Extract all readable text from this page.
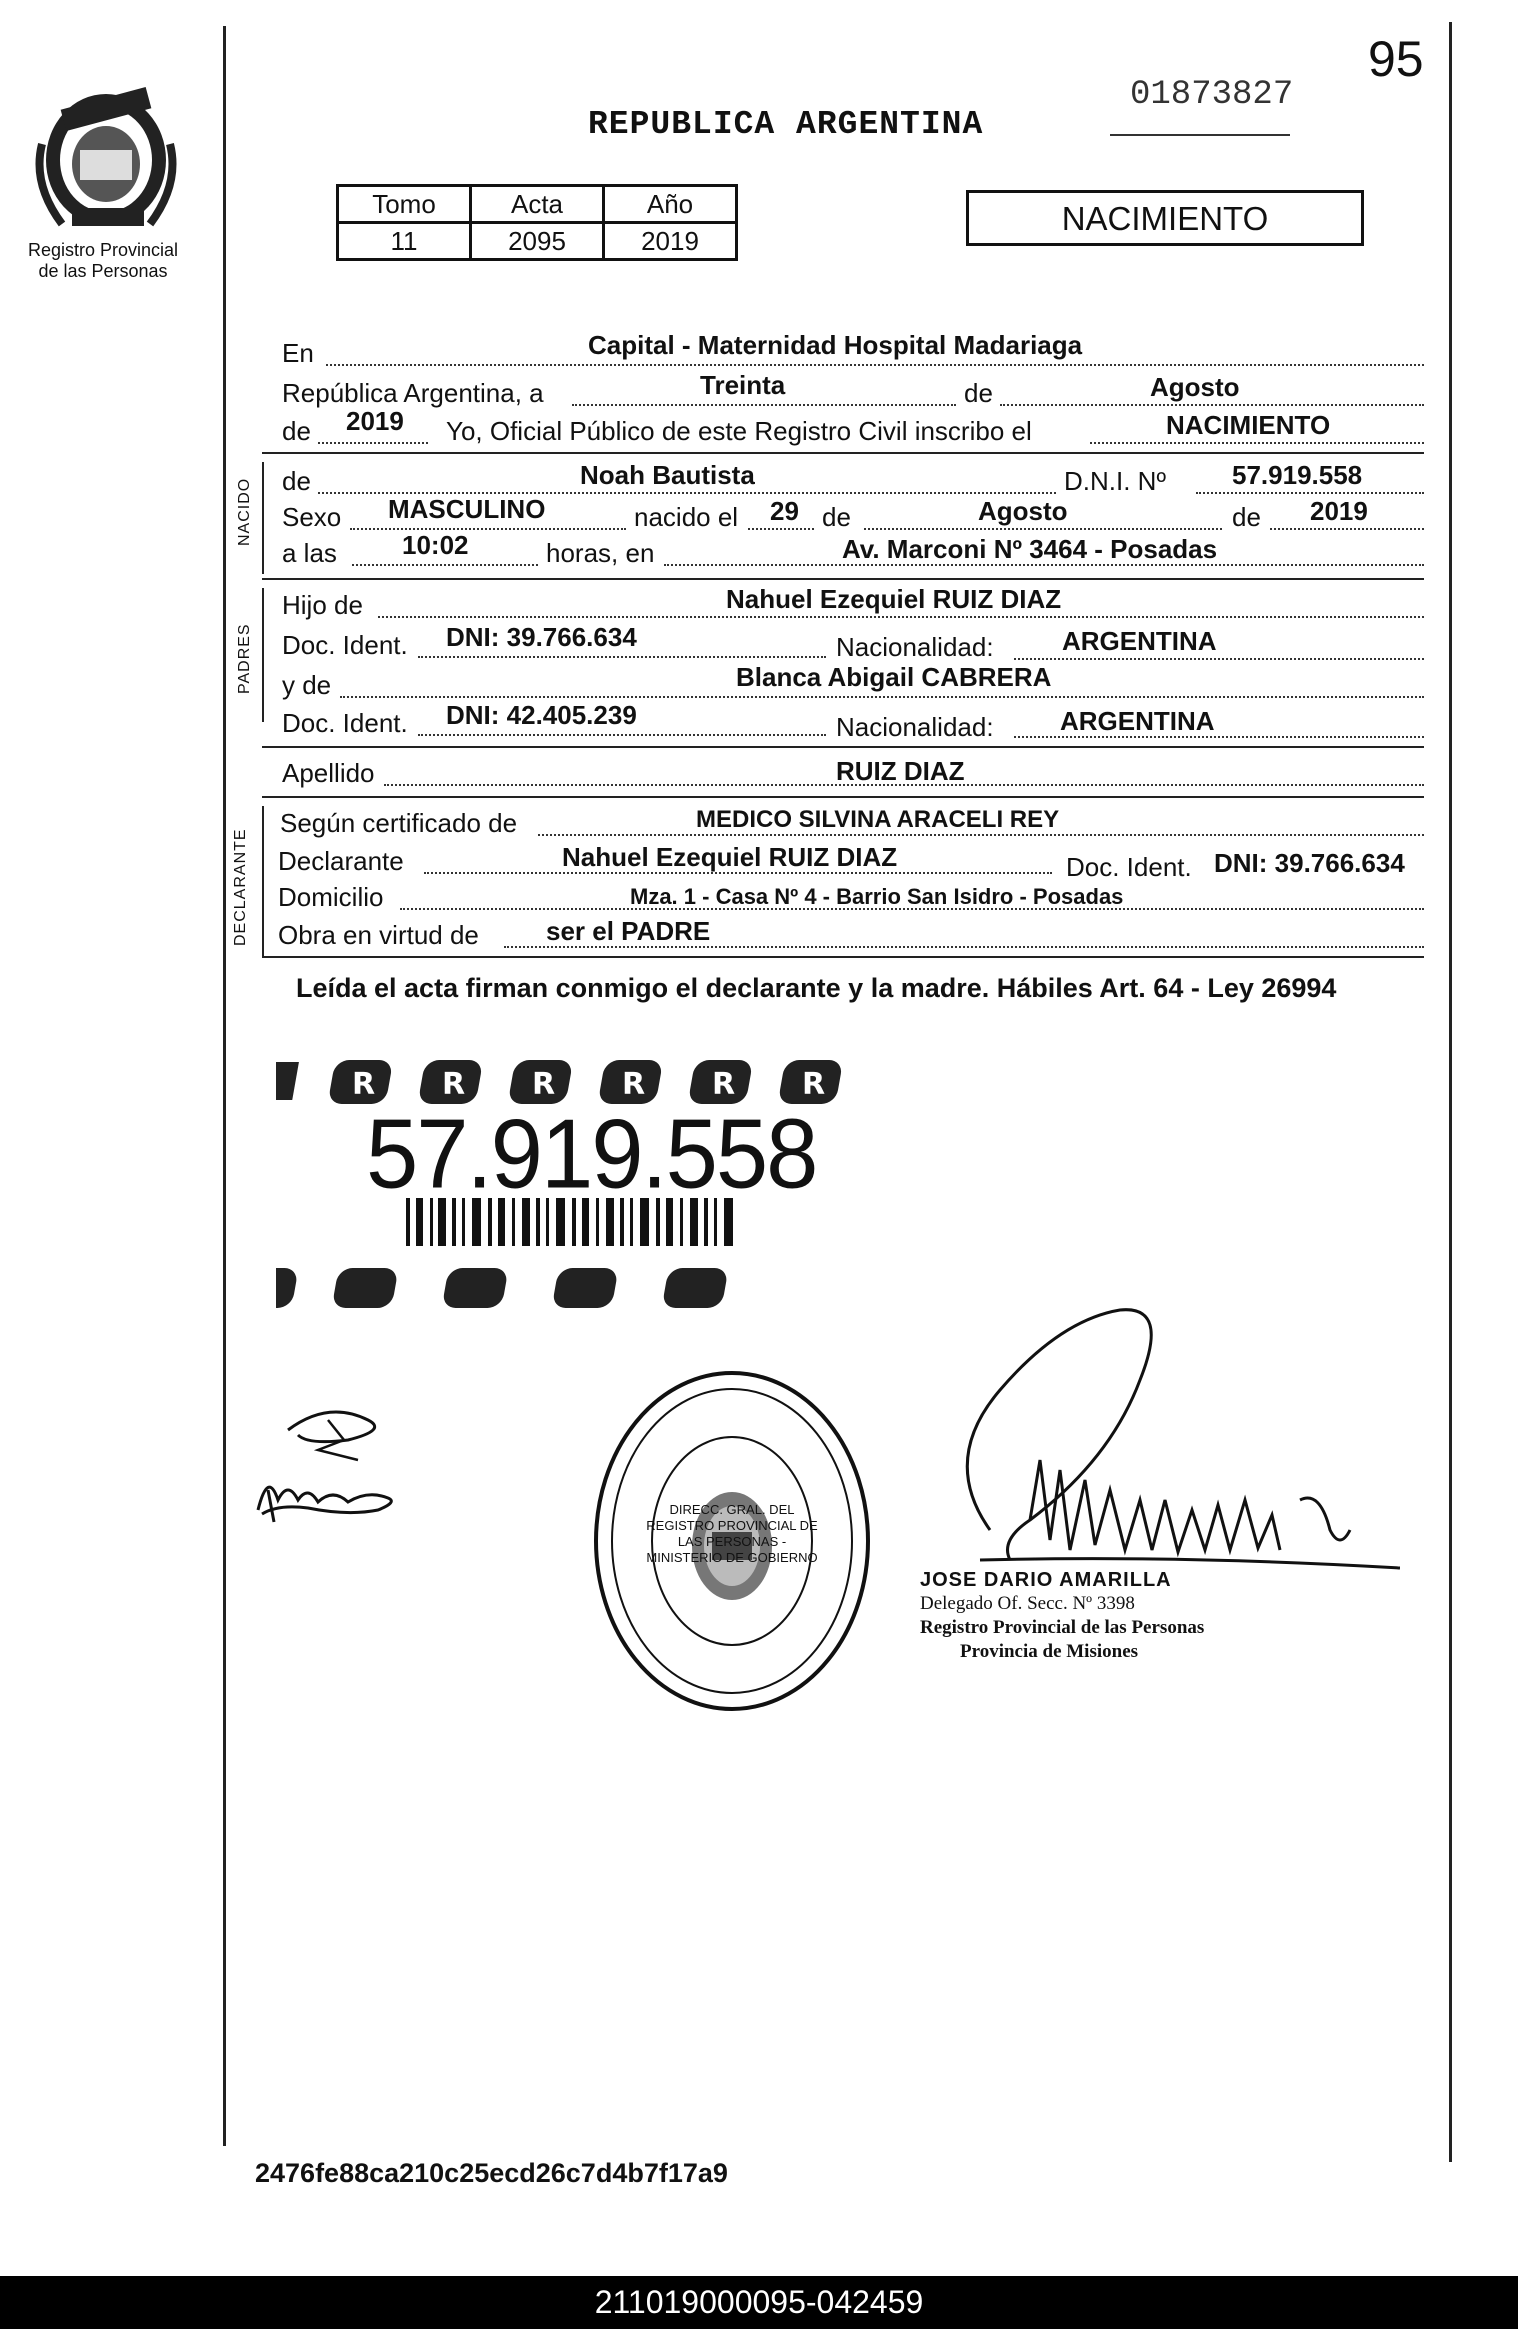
95
01873827
REPUBLICA ARGENTINA
Registro Provincial
de las Personas
Tomo	Acta	Año
11	2095	2019
NACIMIENTO
En	Capital - Maternidad Hospital Madariaga
República Argentina, a	Treinta	de	Agosto
de 2019 Yo, Oficial Público de este Registro Civil inscribo el	NACIMIENTO
NACIDO de	Noah Bautista	D.N.I. Nº	57.919.558
Sexo MASCULINO	nacido el 29 de	Agosto	de 2019
a las	10:02	horas, en	Av. Marconi Nº 3464 - Posadas
PADRES
Hijo de	Nahuel Ezequiel RUIZ DIAZ
Doc. Ident. DNI: 39.766.634	Nacionalidad:	ARGENTINA
y de	Blanca Abigail CABRERA
Doc. Ident. DNI: 42.405.239	Nacionalidad:	ARGENTINA
Apellido	RUIZ DIAZ
DECLARANTE
Según certificado de	MEDICO SILVINA ARACELI REY
Declarante	Nahuel Ezequiel RUIZ DIAZ	Doc. Ident. DNI: 39.766.634
Domicilio	Mza. 1 - Casa Nº 4 - Barrio San Isidro - Posadas
Obra en virtud de	ser el PADRE
Leída el acta firman conmigo el declarante y la madre. Hábiles Art. 64 - Ley 26994
R R R R R R
57.919.558
DIRECC. GRAL. DEL REGISTRO PROVINCIAL DE LAS PERSONAS - MINISTERIO DE GOBIERNO
JOSE DARIO AMARILLA
Delegado Of. Secc. Nº 3398
Registro Provincial de las Personas
Provincia de Misiones
2476fe88ca210c25ecd26c7d4b7f17a9
211019000095-042459
